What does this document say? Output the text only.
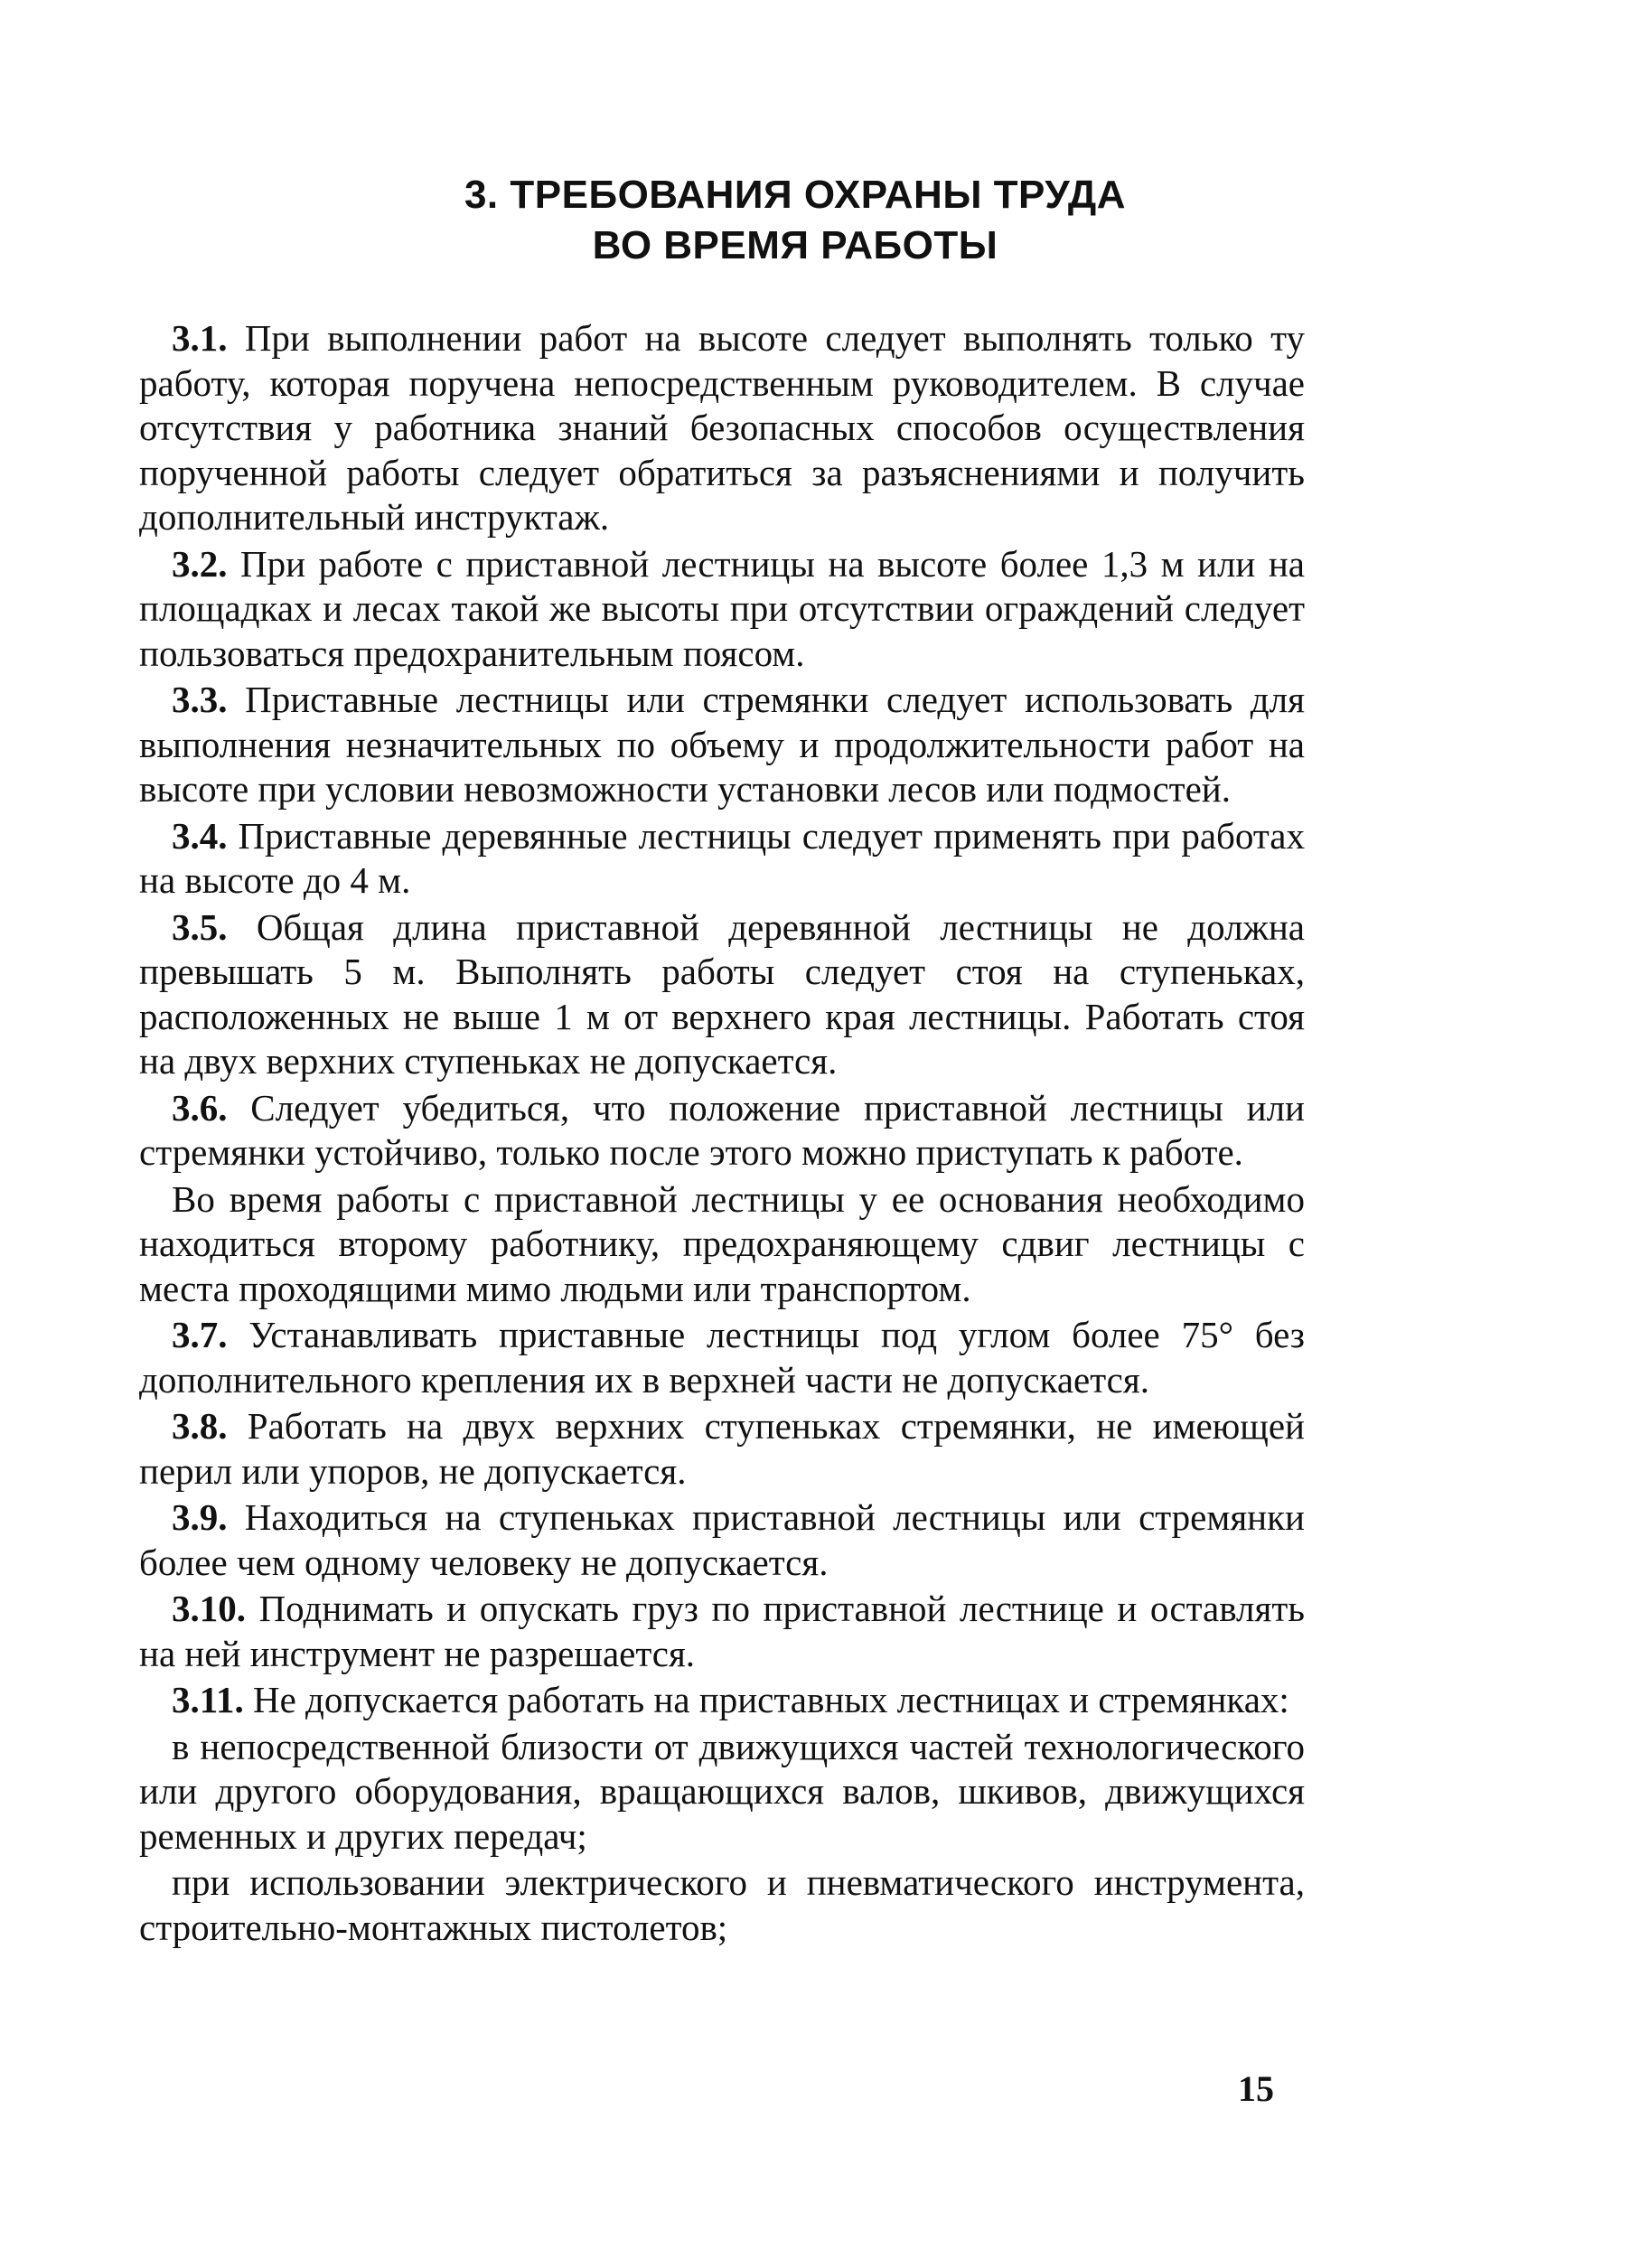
3. ТРЕБОВАНИЯ ОХРАНЫ ТРУДА
ВО ВРЕМЯ РАБОТЫ

3.1. При выполнении работ на высоте следует выполнять только ту работу, которая поручена непосредственным руководителем. В случае отсутствия у работника знаний безопасных способов осуществления порученной работы следует обратиться за разъяснениями и получить дополнительный инструктаж.

3.2. При работе с приставной лестницы на высоте более 1,3 м или на площадках и лесах такой же высоты при отсутствии ограждений следует пользоваться предохранительным поясом.

3.3. Приставные лестницы или стремянки следует использовать для выполнения незначительных по объему и продолжительности работ на высоте при условии невозможности установки лесов или подмостей.

3.4. Приставные деревянные лестницы следует применять при работах на высоте до 4 м.

3.5. Общая длина приставной деревянной лестницы не должна превышать 5 м. Выполнять работы следует стоя на ступеньках, расположенных не выше 1 м от верхнего края лестницы. Работать стоя на двух верхних ступеньках не допускается.

3.6. Следует убедиться, что положение приставной лестницы или стремянки устойчиво, только после этого можно приступать к работе.

Во время работы с приставной лестницы у ее основания необходимо находиться второму работнику, предохраняющему сдвиг лестницы с места проходящими мимо людьми или транспортом.

3.7. Устанавливать приставные лестницы под углом более 75° без дополнительного крепления их в верхней части не допускается.

3.8. Работать на двух верхних ступеньках стремянки, не имеющей перил или упоров, не допускается.

3.9. Находиться на ступеньках приставной лестницы или стремянки более чем одному человеку не допускается.

3.10. Поднимать и опускать груз по приставной лестнице и оставлять на ней инструмент не разрешается.

3.11. Не допускается работать на приставных лестницах и стремянках:

в непосредственной близости от движущихся частей технологического или другого оборудования, вращающихся валов, шкивов, движущихся ременных и других передач;

при использовании электрического и пневматического инструмента, строительно-монтажных пистолетов;

15
